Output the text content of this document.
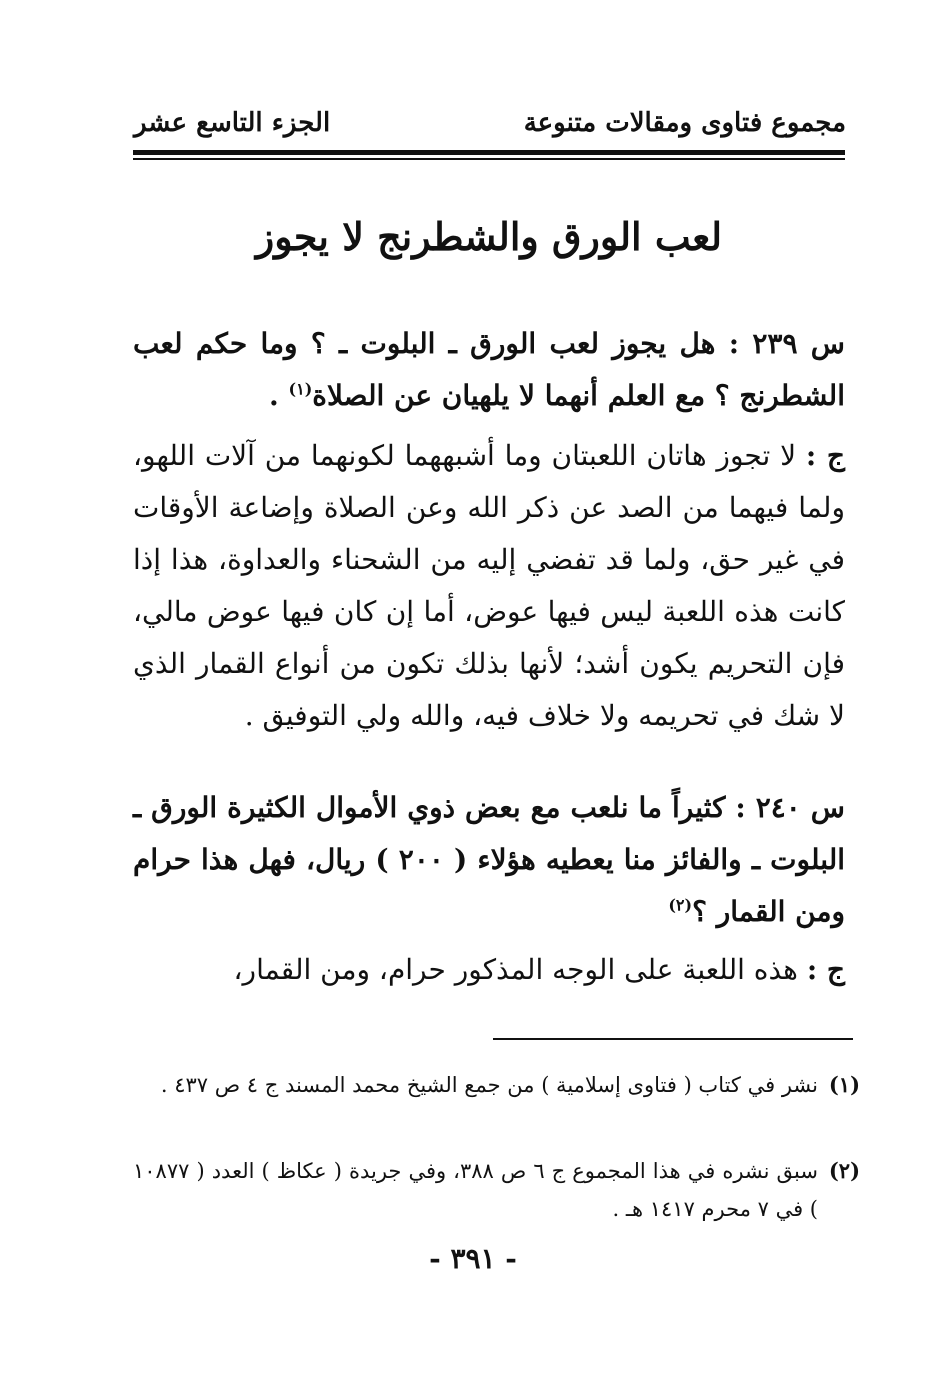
مجموع فتاوى ومقالات متنوعة
الجزء التاسع عشر
لعب الورق والشطرنج لا يجوز
س ٢٣٩ : هل يجوز لعب الورق ـ البلوت ـ ؟ وما حكم لعب الشطرنج ؟ مع العلم أنهما لا يلهيان عن الصلاة$^{(١)}$ .
ج : لا تجوز هاتان اللعبتان وما أشبههما لكونهما من آلات اللهو، ولما فيهما من الصد عن ذكر الله وعن الصلاة وإضاعة الأوقات في غير حق، ولما قد تفضي إليه من الشحناء والعداوة، هذا إذا كانت هذه اللعبة ليس فيها عوض، أما إن كان فيها عوض مالي، فإن التحريم يكون أشد؛ لأنها بذلك تكون من أنواع القمار الذي لا شك في تحريمه ولا خلاف فيه، والله ولي التوفيق .
س ٢٤٠ : كثيراً ما نلعب مع بعض ذوي الأموال الكثيرة الورق ـ البلوت ـ والفائز منا يعطيه هؤلاء ( ٢٠٠ ) ريال، فهل هذا حرام ومن القمار ؟$^{(٢)}$
ج : هذه اللعبة على الوجه المذكور حرام، ومن القمار،
(١)
نشر في كتاب ( فتاوى إسلامية ) من جمع الشيخ محمد المسند ج ٤ ص ٤٣٧ .
(٢)
سبق نشره في هذا المجموع ج ٦ ص ٣٨٨، وفي جريدة ( عكاظ ) العدد ( ١٠٨٧٧ ) في ٧ محرم ١٤١٧ هـ .
- ٣٩١ -
